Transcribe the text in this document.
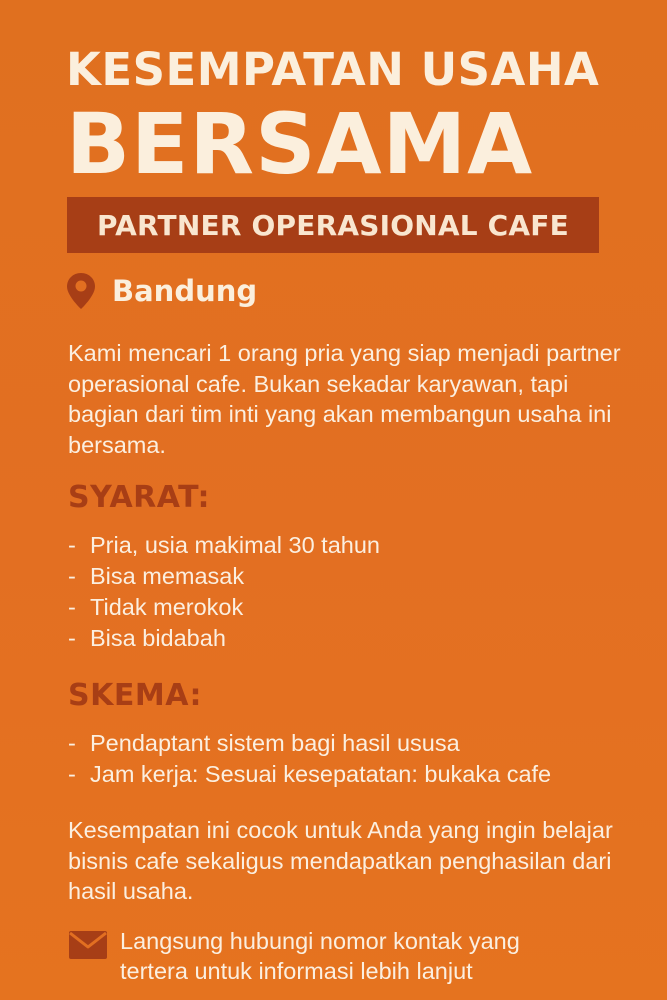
KESEMPATAN USAHA
BERSAMA
PARTNER OPERASIONAL CAFE
Bandung

Kami mencari 1 orang pria yang siap menjadi partner operasional cafe. Bukan sekadar karyawan, tapi bagian dari tim inti yang akan membangun usaha ini bersama.

SYARAT:
- Pria, usia makimal 30 tahun
- Bisa memasak
- Tidak merokok
- Bisa bidabah
SKEMA:
- Pendaptant sistem bagi hasil ususa
- Jam kerja: Sesuai kesepatatan: bukaka cafe

Kesempatan ini cocok untuk Anda yang ingin belajar bisnis cafe sekaligus mendapatkan penghasilan dari hasil usaha.

Langsung hubungi nomor kontak yang tertera untuk informasi lebih lanjut
